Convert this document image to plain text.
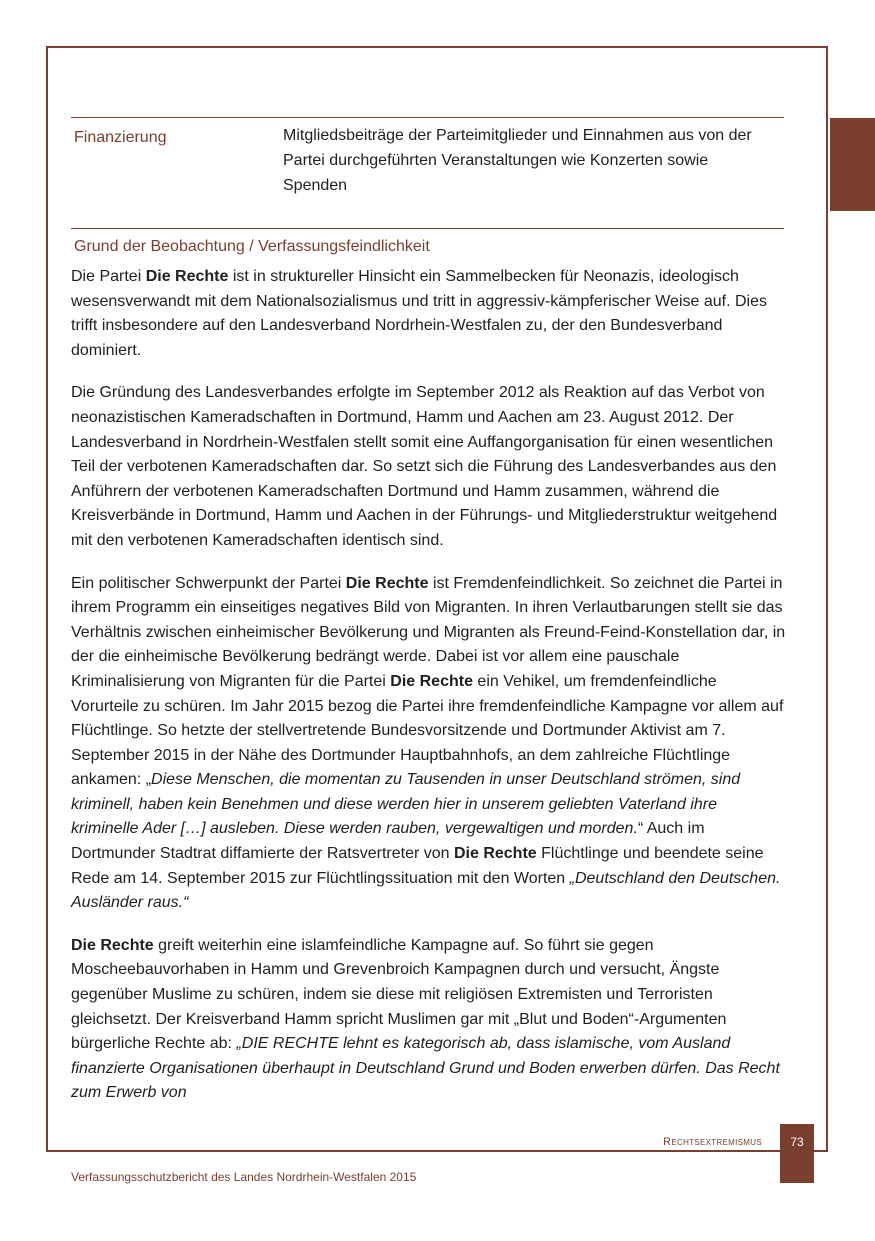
Finanzierung	Mitgliedsbeiträge der Parteimitglieder und Einnahmen aus von der Partei durchgeführten Veranstaltungen wie Konzerten sowie Spenden
Grund der Beobachtung / Verfassungsfeindlichkeit

Die Partei Die Rechte ist in struktureller Hinsicht ein Sammelbecken für Neonazis, ideologisch wesensverwandt mit dem Nationalsozialismus und tritt in aggressiv-kämpferischer Weise auf. Dies trifft insbesondere auf den Landesverband Nordrhein-Westfalen zu, der den Bundesverband dominiert.

Die Gründung des Landesverbandes erfolgte im September 2012 als Reaktion auf das Verbot von neonazistischen Kameradschaften in Dortmund, Hamm und Aachen am 23. August 2012. Der Landesverband in Nordrhein-Westfalen stellt somit eine Auffangorganisation für einen wesentlichen Teil der verbotenen Kameradschaften dar. So setzt sich die Führung des Landesverbandes aus den Anführern der verbotenen Kameradschaften Dortmund und Hamm zusammen, während die Kreisverbände in Dortmund, Hamm und Aachen in der Führungs- und Mitgliederstruktur weitgehend mit den verbotenen Kameradschaften identisch sind.

Ein politischer Schwerpunkt der Partei Die Rechte ist Fremdenfeindlichkeit. So zeichnet die Partei in ihrem Programm ein einseitiges negatives Bild von Migranten. In ihren Verlautbarungen stellt sie das Verhältnis zwischen einheimischer Bevölkerung und Migranten als Freund-Feind-Konstellation dar, in der die einheimische Bevölkerung bedrängt werde. Dabei ist vor allem eine pauschale Kriminalisierung von Migranten für die Partei Die Rechte ein Vehikel, um fremdenfeindliche Vorurteile zu schüren. Im Jahr 2015 bezog die Partei ihre fremdenfeindliche Kampagne vor allem auf Flüchtlinge. So hetzte der stellvertretende Bundesvorsitzende und Dortmunder Aktivist am 7. September 2015 in der Nähe des Dortmunder Hauptbahnhofs, an dem zahlreiche Flüchtlinge ankamen: „Diese Menschen, die momentan zu Tausenden in unser Deutschland strömen, sind kriminell, haben kein Benehmen und diese werden hier in unserem geliebten Vaterland ihre kriminelle Ader […] ausleben. Diese werden rauben, vergewaltigen und morden.“ Auch im Dortmunder Stadtrat diffamierte der Ratsvertreter von Die Rechte Flüchtlinge und beendete seine Rede am 14. September 2015 zur Flüchtlingssituation mit den Worten „Deutschland den Deutschen. Ausländer raus.“

Die Rechte greift weiterhin eine islamfeindliche Kampagne auf. So führt sie gegen Moscheebauvorhaben in Hamm und Grevenbroich Kampagnen durch und versucht, Ängste gegenüber Muslime zu schüren, indem sie diese mit religiösen Extremisten und Terroristen gleichsetzt. Der Kreisverband Hamm spricht Muslimen gar mit „Blut und Boden“-Argumenten bürgerliche Rechte ab: „DIE RECHTE lehnt es kategorisch ab, dass islamische, vom Ausland finanzierte Organisationen überhaupt in Deutschland Grund und Boden erwerben dürfen. Das Recht zum Erwerb von

Rechtsextremismus	73
Verfassungsschutzbericht des Landes Nordrhein-Westfalen 2015
